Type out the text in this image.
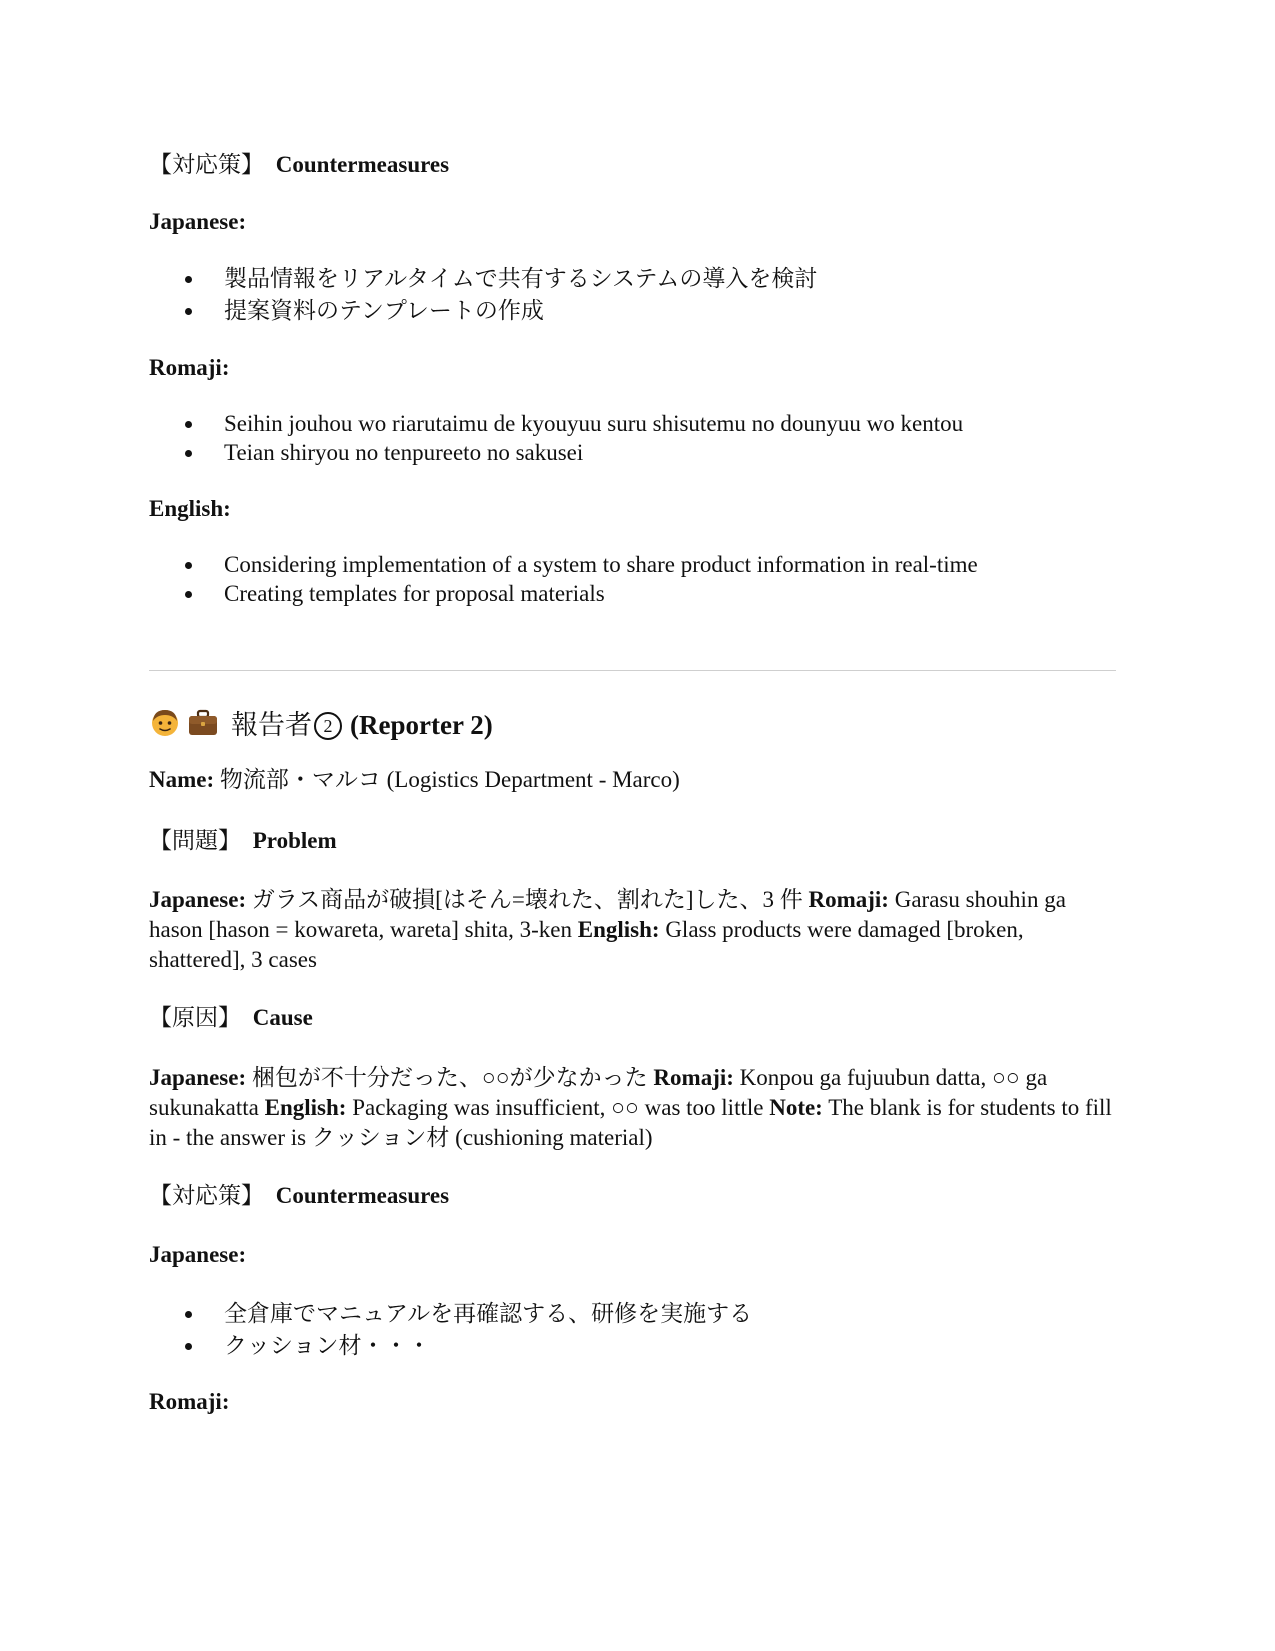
【対応策】 Countermeasures
Japanese:
製品情報をリアルタイムで共有するシステムの導入を検討
提案資料のテンプレートの作成
Romaji:
Seihin jouhou wo riarutaimu de kyouyuu suru shisutemu no dounyuu wo kentou
Teian shiryou no tenpureeto no sakusei
English:
Considering implementation of a system to share product information in real-time
Creating templates for proposal materials
報告者 2 (Reporter 2)
Name: 物流部・マルコ (Logistics Department - Marco)
【問題】 Problem

Japanese: ガラス商品が破損[はそん=壊れた、割れた]した、3 件 Romaji: Garasu shouhin ga hason [hason = kowareta, wareta] shita, 3-ken English: Glass products were damaged [broken, shattered], 3 cases

【原因】 Cause

Japanese: 梱包が不十分だった、○○が少なかった Romaji: Konpou ga fujuubun datta, ○○ ga sukunakatta English: Packaging was insufficient, ○○ was too little Note: The blank is for students to fill in - the answer is クッション材 (cushioning material)

【対応策】 Countermeasures
Japanese:
全倉庫でマニュアルを再確認する、研修を実施する
クッション材・・・
Romaji:
